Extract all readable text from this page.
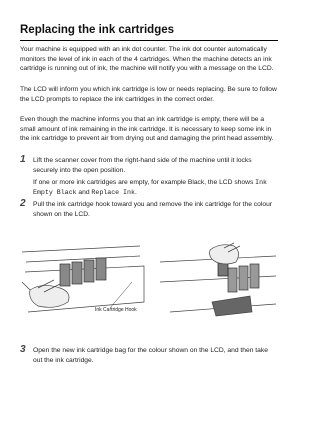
Replacing the ink cartridges

Your machine is equipped with an ink dot counter. The ink dot counter automatically monitors the level of ink in each of the 4 cartridges. When the machine detects an ink cartridge is running out of ink, the machine will notify you with a message on the LCD.

The LCD will inform you which ink cartridge is low or needs replacing. Be sure to follow the LCD prompts to replace the ink cartridges in the correct order.

Even though the machine informs you that an ink cartridge is empty, there will be a small amount of ink remaining in the ink cartridge. It is necessary to keep some ink in the ink cartridge to prevent air from drying out and damaging the print head assembly.

1	Lift the scanner cover from the right-hand side of the machine until it locks securely into the open position.
If one or more ink cartridges are empty, for example Black, the LCD shows Ink Empty Black and Replace Ink.
2	Pull the ink cartridge hook toward you and remove the ink cartridge for the colour shown on the LCD.
Ink Cartridge Hook
3	Open the new ink cartridge bag for the colour shown on the LCD, and then take out the ink cartridge.
